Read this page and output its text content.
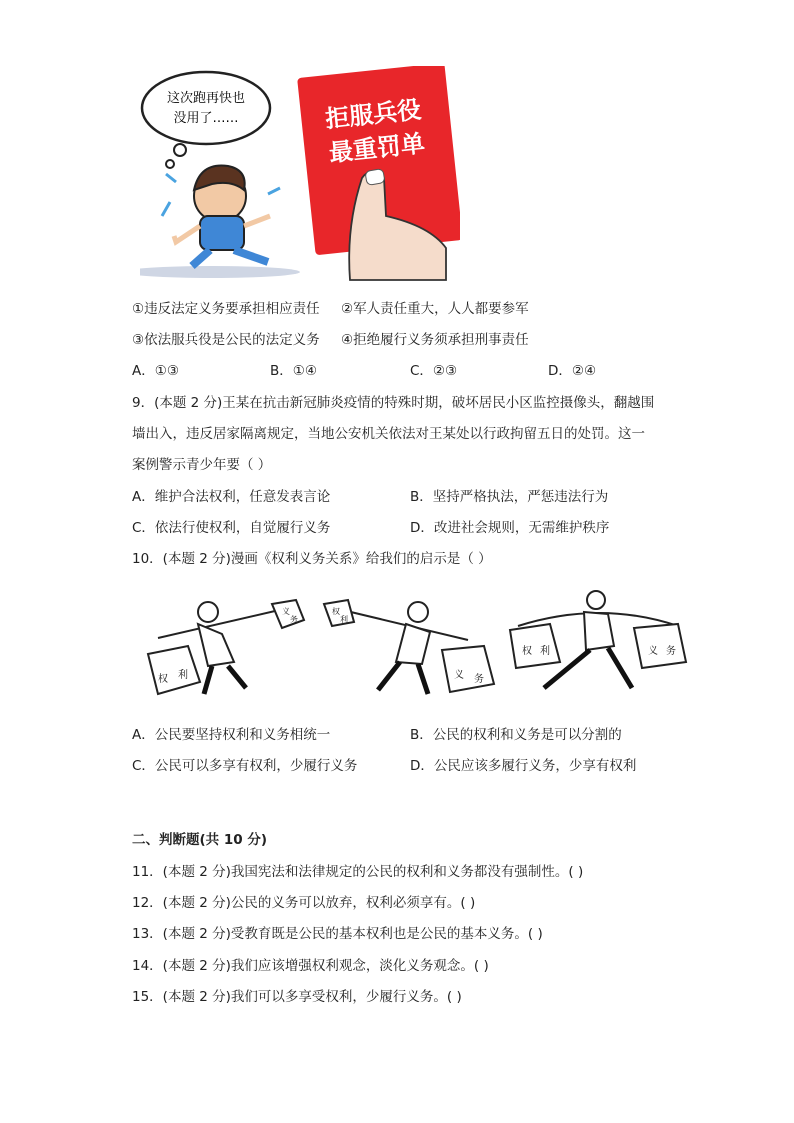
这次跑再快也
没用了……	拒服兵役
最重罚单
①违反法定义务要承担相应责任 ②军人责任重大，人人都要参军
③依法服兵役是公民的法定义务 ④拒绝履行义务须承担刑事责任
A．①③	B．①④	C．②③	D．②④
9．(本题 2 分)王某在抗击新冠肺炎疫情的特殊时期，破坏居民小区监控摄像头，翻越围
墙出入，违反居家隔离规定，当地公安机关依法对王某处以行政拘留五日的处罚。这一
案例警示青少年要（ ）
A．维护合法权利，任意发表言论	B．坚持严格执法，严惩违法行为
C．依法行使权利，自觉履行义务	D．改进社会规则，无需维护秩序
10．(本题 2 分)漫画《权利义务关系》给我们的启示是（ ）
权 利
义
务
权
利
义 务
权 利	义 务
A．公民要坚持权利和义务相统一	B．公民的权利和义务是可以分割的
C．公民可以多享有权利，少履行义务	D．公民应该多履行义务，少享有权利
二、判断题(共 10 分)
11．(本题 2 分)我国宪法和法律规定的公民的权利和义务都没有强制性。( )
12．(本题 2 分)公民的义务可以放弃，权利必须享有。( )
13．(本题 2 分)受教育既是公民的基本权利也是公民的基本义务。( )
14．(本题 2 分)我们应该增强权利观念，淡化义务观念。( )
15．(本题 2 分)我们可以多享受权利，少履行义务。( )
